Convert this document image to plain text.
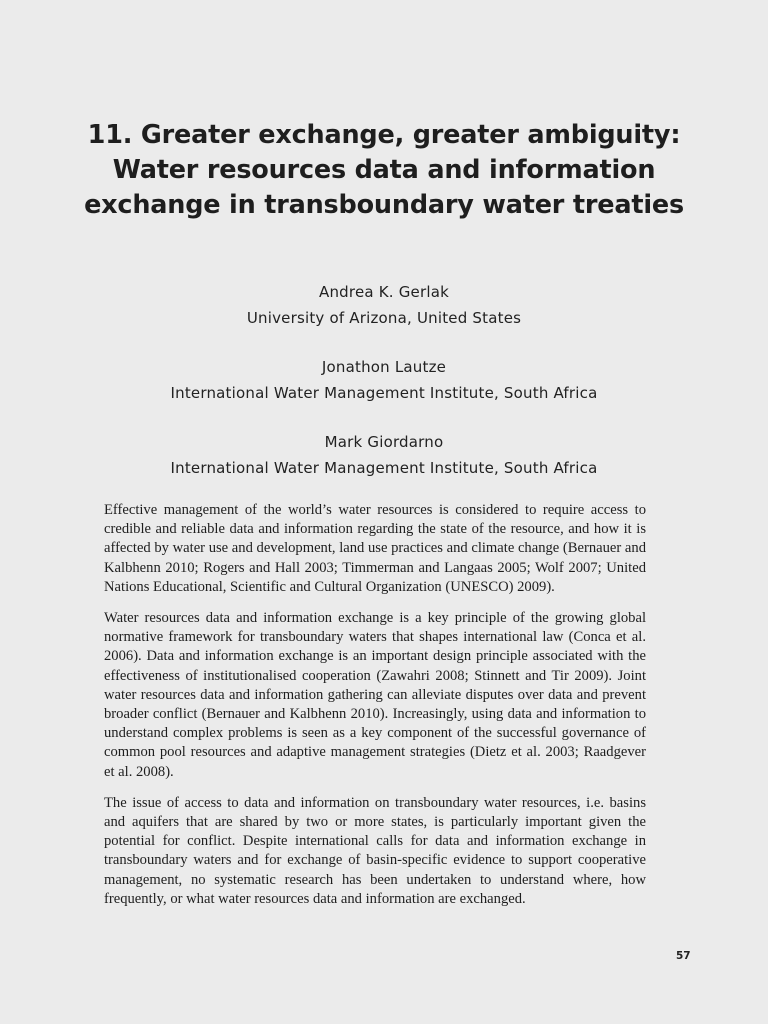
11. Greater exchange, greater ambiguity: Water resources data and information exchange in transboundary water treaties
Andrea K. Gerlak
University of Arizona, United States
Jonathon Lautze
International Water Management Institute, South Africa
Mark Giordarno
International Water Management Institute, South Africa

Effective management of the world’s water resources is considered to require access to credible and reliable data and information regarding the state of the resource, and how it is affected by water use and development, land use practices and climate change (Bernauer and Kalbhenn 2010; Rogers and Hall 2003; Timmerman and Langaas 2005; Wolf 2007; United Nations Educational, Scientific and Cultural Organization (UNESCO) 2009).

Water resources data and information exchange is a key principle of the growing global normative framework for transboundary waters that shapes international law (Conca et al. 2006). Data and information exchange is an important design principle associated with the effectiveness of institutionalised cooperation (Zawahri 2008; Stinnett and Tir 2009). Joint water resources data and information gathering can alleviate disputes over data and prevent broader conflict (Bernauer and Kalbhenn 2010). Increasingly, using data and information to understand complex problems is seen as a key component of the successful governance of common pool resources and adaptive management strategies (Dietz et al. 2003; Raadgever et al. 2008).

The issue of access to data and information on transboundary water resources, i.e. basins and aquifers that are shared by two or more states, is particularly important given the potential for conflict. Despite international calls for data and information exchange in transboundary waters and for exchange of basin-specific evidence to support cooperative management, no systematic research has been undertaken to understand where, how frequently, or what water resources data and information are exchanged.

57
